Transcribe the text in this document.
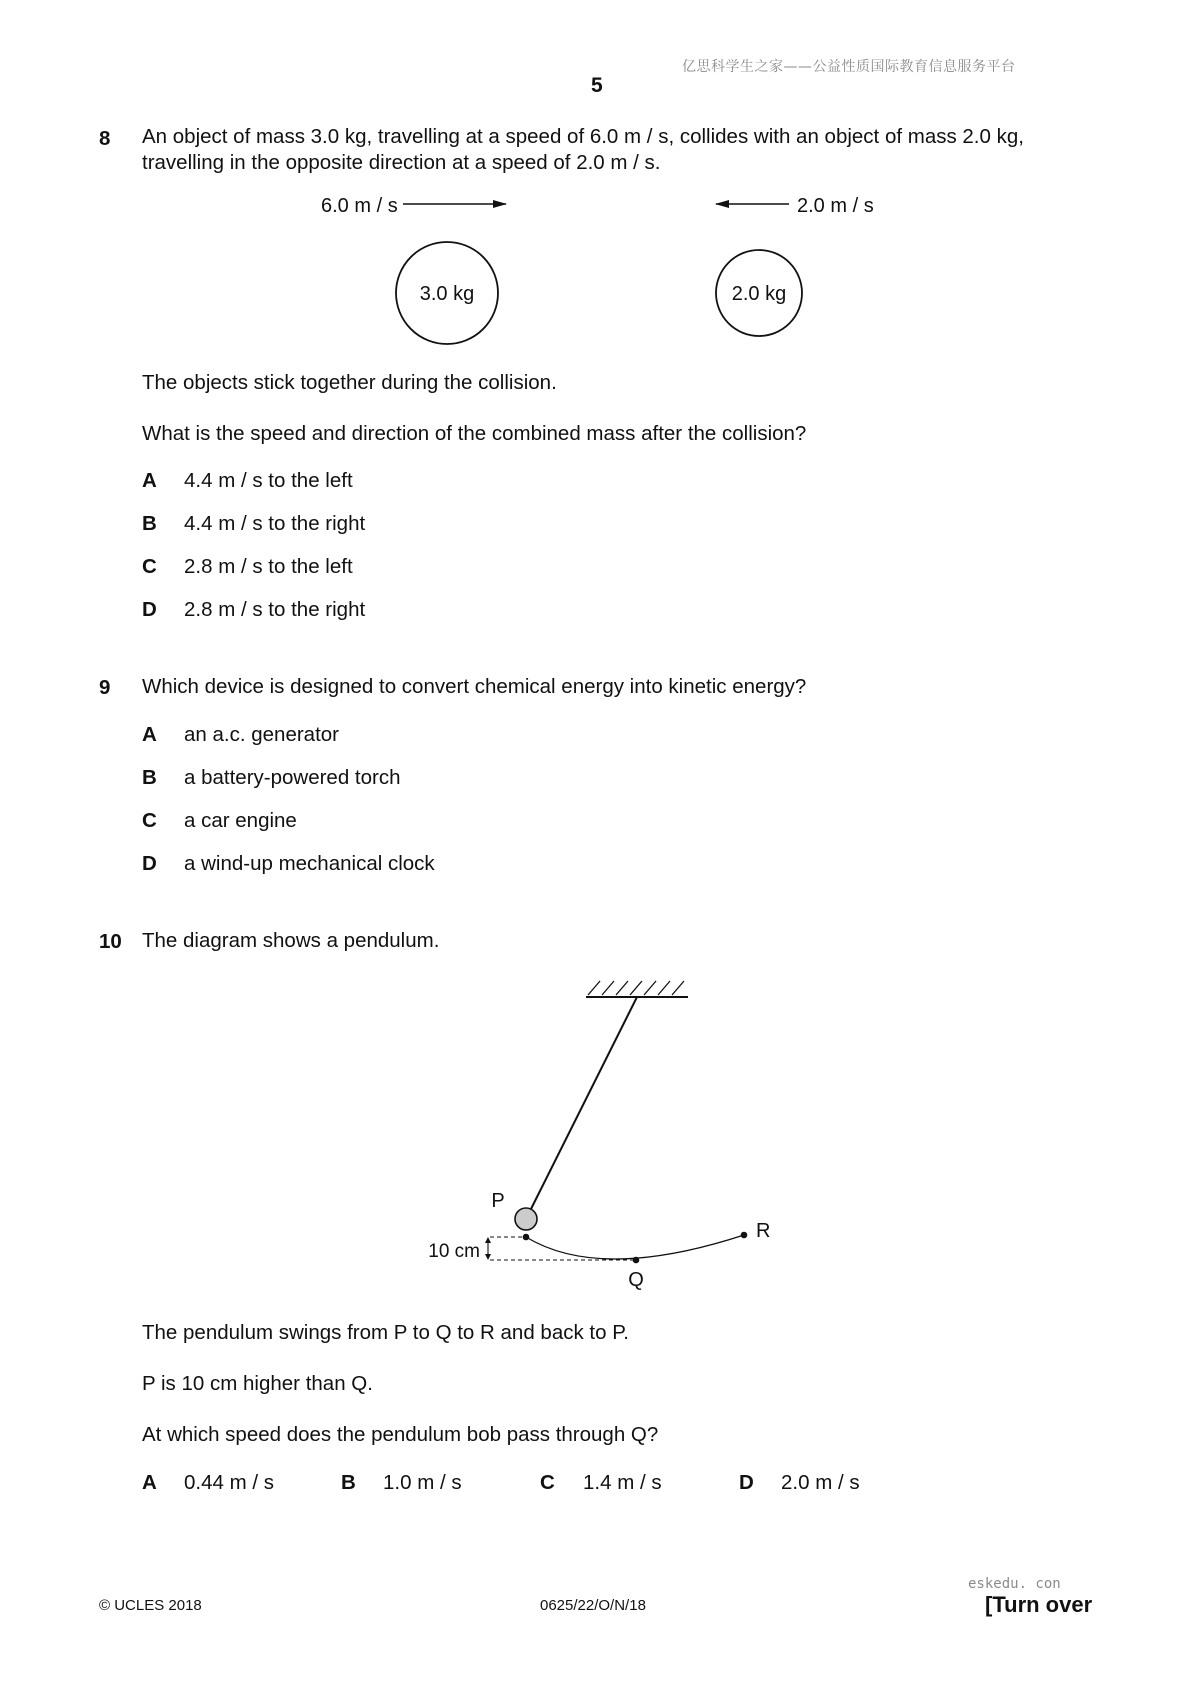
亿思科学生之家——公益性质国际教育信息服务平台
5
8 An object of mass 3.0 kg, travelling at a speed of 6.0 m / s, collides with an object of mass 2.0 kg,
travelling in the opposite direction at a speed of 2.0 m / s.
6.0 m / s
3.0 kg
2.0 m / s
2.0 kg
The objects stick together during the collision.
What is the speed and direction of the combined mass after the collision?
A 4.4 m / s to the left
B 4.4 m / s to the right
C 2.8 m / s to the left
D 2.8 m / s to the right
9 Which device is designed to convert chemical energy into kinetic energy?
A an a.c. generator
B a battery-powered torch
C a car engine
D a wind-up mechanical clock
10 The diagram shows a pendulum.
P
Q
R
10 cm
The pendulum swings from P to Q to R and back to P.
P is 10 cm higher than Q.
At which speed does the pendulum bob pass through Q?
A 0.44 m / s	B 1.0 m / s	C 1.4 m / s	D 2.0 m / s
eskedu. con
© UCLES 2018	0625/22/O/N/18	[Turn over
